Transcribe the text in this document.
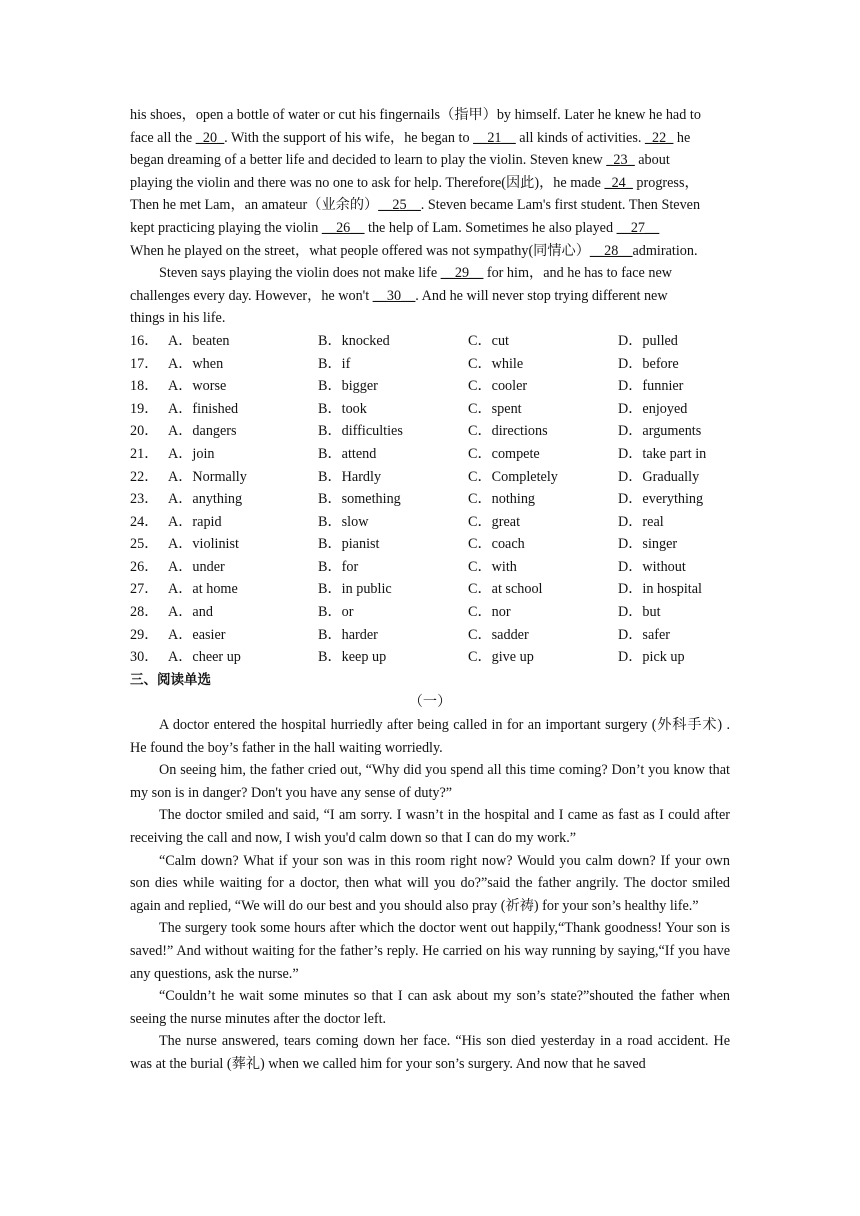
his shoes，open a bottle of water or cut his fingernails（指甲）by himself. Later he knew he had to
face all the _20_. With the support of his wife，he began to __21__ all kinds of activities. _22_ he
began dreaming of a better life and decided to learn to play the violin. Steven knew _23_ about
playing the violin and there was no one to ask for help. Therefore(因此)，he made _24_ progress，
Then he met Lam，an amateur（业余的）__25__. Steven became Lam's first student. Then Steven
kept practicing playing the violin __26__ the help of Lam. Sometimes he also played __27__
When he played on the street，what people offered was not sympathy(同情心）__28__admiration.

Steven says playing the violin does not make life __29__ for him，and he has to face new
challenges every day. However，he won't __30__. And he will never stop trying different new
things in his life.

16．	A．beaten	B．knocked	C．cut	D．pulled
17．	A．when	B．if	C．while	D．before
18．	A．worse	B．bigger	C．cooler	D．funnier
19．	A．finished	B．took	C．spent	D．enjoyed
20．	A．dangers	B．difficulties	C．directions	D．arguments
21．	A．join	B．attend	C．compete	D．take part in
22．	A．Normally	B．Hardly	C．Completely	D．Gradually
23．	A．anything	B．something	C．nothing	D．everything
24．	A．rapid	B．slow	C．great	D．real
25．	A．violinist	B．pianist	C．coach	D．singer
26．	A．under	B．for	C．with	D．without
27．	A．at home	B．in public	C．at school	D．in hospital
28．	A．and	B．or	C．nor	D．but
29．	A．easier	B．harder	C．sadder	D．safer
30．	A．cheer up	B．keep up	C．give up	D．pick up
三、阅读单选
（一）

A doctor entered the hospital hurriedly after being called in for an important surgery (外科手术) . He found the boy’s father in the hall waiting worriedly.

On seeing him, the father cried out, “Why did you spend all this time coming? Don’t you know that my son is in danger? Don't you have any sense of duty?”

The doctor smiled and said, “I am sorry. I wasn’t in the hospital and I came as fast as I could after receiving the call and now, I wish you'd calm down so that I can do my work.”

“Calm down? What if your son was in this room right now? Would you calm down? If your own son dies while waiting for a doctor, then what will you do?”said the father angrily. The doctor smiled again and replied, “We will do our best and you should also pray (祈祷) for your son’s healthy life.”

The surgery took some hours after which the doctor went out happily,“Thank goodness! Your son is saved!” And without waiting for the father’s reply. He carried on his way running by saying,“If you have any questions, ask the nurse.”

“Couldn’t he wait some minutes so that I can ask about my son’s state?”shouted the father when seeing the nurse minutes after the doctor left.

The nurse answered, tears coming down her face. “His son died yesterday in a road accident. He was at the burial (葬礼) when we called him for your son’s surgery. And now that he saved
